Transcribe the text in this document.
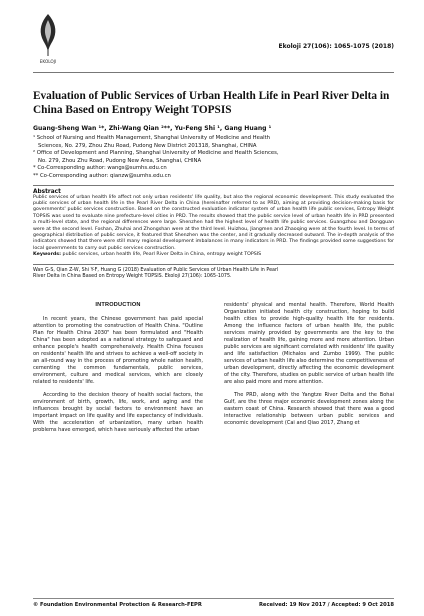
EKOLOJI
Ekoloji 27(106): 1065-1075 (2018)
Evaluation of Public Services of Urban Health Life in Pearl River Delta in China Based on Entropy Weight TOPSIS
Guang-Sheng Wan ¹*, Zhi-Wang Qian ²**, Yu-Feng Shi ¹, Gang Huang ¹

¹ School of Nursing and Health Management, Shanghai University of Medicine and Health

Sciences, No. 279, Zhou Zhu Road, Pudong New District 201318, Shanghai, CHINA

² Office of Development and Planning, Shanghai University of Medicine and Health Sciences,

No. 279, Zhou Zhu Road, Pudong New Area, Shanghai, CHINA

* Co-Corresponding author: wangs@sumhs.edu.cn

** Co-Corresponding author: qianzw@sumhs.edu.cn

Abstract

Public services of urban health life affect not only urban residents' life quality, but also the regional economic development. This study evaluated the public services of urban health life in the Pearl River Delta in China (hereinafter referred to as PRD), aiming at providing decision-making basis for governments' public services construction. Based on the constructed evaluation indicator system of urban health life public services, Entropy Weight TOPSIS was used to evaluate nine prefecture-level cities in PRD. The results showed that the public service level of urban health life in PRD presented a multi-level state, and the regional differences were large. Shenzhen had the highest level of health life public services. Guangzhou and Dongguan were at the second level. Foshan, Zhuhai and Zhongshan were at the third level. Huizhou, Jiangmen and Zhaoqing were at the fourth level. In terms of geographical distribution of public service, it featured that Shenzhen was the center, and it gradually decreased outward. The in-depth analysis of the indicators showed that there were still many regional development imbalances in many indicators in PRD. The findings provided some suggestions for local governments to carry out public services construction.

Keywords: public services, urban health life, Pearl River Delta in China, entropy weight TOPSIS

Wan G-S, Qian Z-W, Shi Y-F, Huang G (2018) Evaluation of Public Services of Urban Health Life in Pearl

River Delta in China Based on Entropy Weight TOPSIS. Ekoloji 27(106): 1065-1075.

INTRODUCTION

In recent years, the Chinese government has paid special attention to promoting the construction of Health China. "Outline Plan for Health China 2030" has been formulated and "Health China" has been adopted as a national strategy to safeguard and enhance people's health comprehensively. Health China focuses on residents' health life and strives to achieve a well-off society in an all-round way in the process of promoting whole nation health, cementing the common fundamentals, public services, environment, culture and medical services, which are closely related to residents' life.

According to the decision theory of health social factors, the environment of birth, growth, life, work, and aging and the influences brought by social factors to environment have an important impact on life quality and life expectancy of individuals. With the acceleration of urbanization, many urban health problems have emerged, which have seriously affected the urban

residents' physical and mental health. Therefore, World Health Organization initiated health city construction, hoping to build health cities to provide high-quality health life for residents. Among the influence factors of urban health life, the public services mainly provided by governments are the key to the realization of health life, gaining more and more attention. Urban public services are significant correlated with residents' life quality and life satisfaction (Michalos and Zumbo 1999). The public services of urban health life also determine the competitiveness of urban development, directly affecting the economic development of the city. Therefore, studies on public service of urban health life are also paid more and more attention.

The PRD, along with the Yangtze River Delta and the Bohai Gulf, are the three major economic development zones along the eastern coast of China. Research showed that there was a good interactive relationship between urban public services and economic development (Cai and Qiao 2017, Zhang et

© Foundation Environmental Protection & Research-FEPR	Received: 19 Nov 2017 / Accepted: 9 Oct 2018
